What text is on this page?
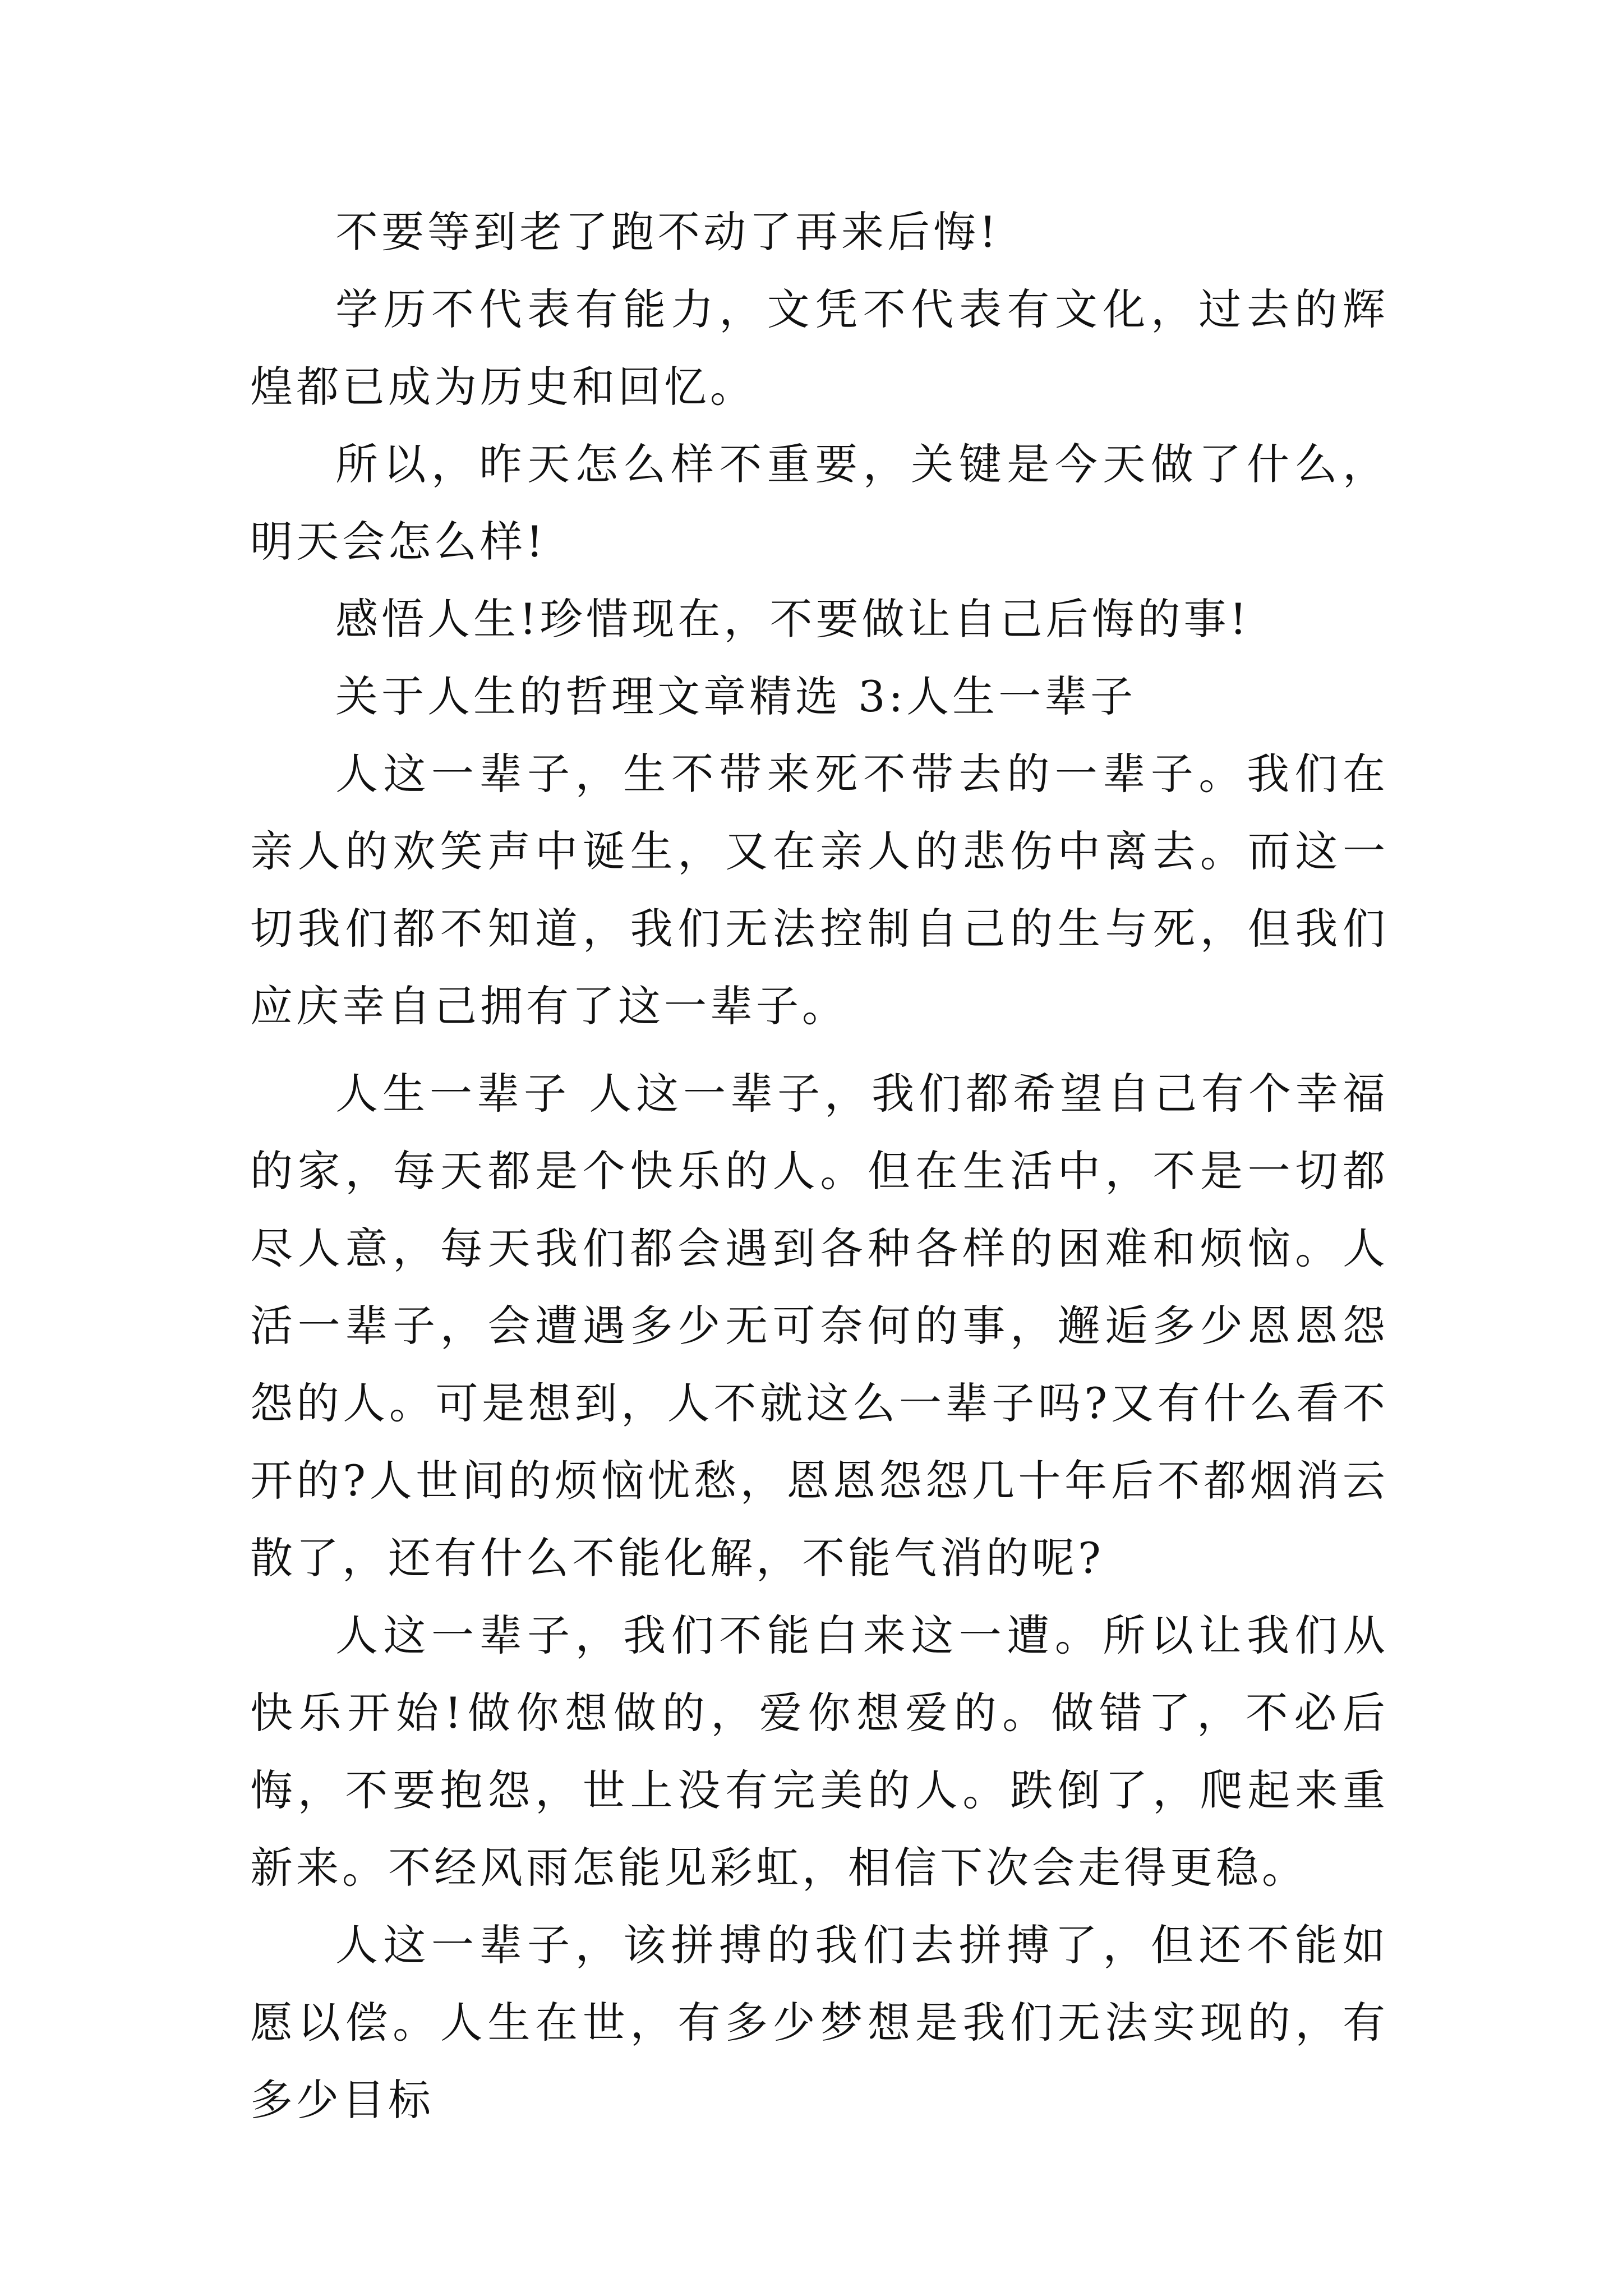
不要等到老了跑不动了再来后悔!

学历不代表有能力，文凭不代表有文化，过去的辉煌都已成为历史和回忆。

所以，昨天怎么样不重要，关键是今天做了什么，明天会怎么样!

感悟人生!珍惜现在，不要做让自己后悔的事!

关于人生的哲理文章精选 3:人生一辈子

人这一辈子，生不带来死不带去的一辈子。我们在亲人的欢笑声中诞生，又在亲人的悲伤中离去。而这一切我们都不知道，我们无法控制自己的生与死，但我们应庆幸自己拥有了这一辈子。

人生一辈子 人这一辈子，我们都希望自己有个幸福的家，每天都是个快乐的人。但在生活中，不是一切都尽人意，每天我们都会遇到各种各样的困难和烦恼。人活一辈子，会遭遇多少无可奈何的事，邂逅多少恩恩怨怨的人。可是想到，人不就这么一辈子吗?又有什么看不开的?人世间的烦恼忧愁，恩恩怨怨几十年后不都烟消云散了，还有什么不能化解，不能气消的呢?

人这一辈子，我们不能白来这一遭。所以让我们从快乐开始!做你想做的，爱你想爱的。做错了，不必后悔，不要抱怨，世上没有完美的人。跌倒了，爬起来重新来。不经风雨怎能见彩虹，相信下次会走得更稳。

人这一辈子，该拼搏的我们去拼搏了，但还不能如愿以偿。人生在世，有多少梦想是我们无法实现的，有多少目标
